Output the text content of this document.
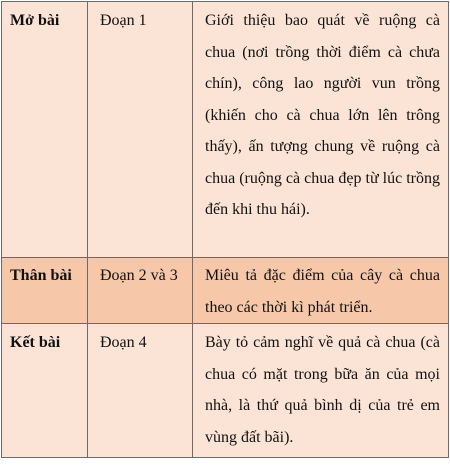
Mở bài	Đoạn 1	Giới thiệu bao quát về ruộng cà chua (nơi trồng thời điểm cà chưa chín), công lao người vun trồng (khiến cho cà chua lớn lên trông thấy), ấn tượng chung về ruộng cà chua (ruộng cà chua đẹp từ lúc trồng đến khi thu hái).
Thân bài	Đoạn 2 và 3	Miêu tả đặc điểm của cây cà chua theo các thời kì phát triển.
Kết bài	Đoạn 4	Bày tỏ cảm nghĩ về quả cà chua (cà chua có mặt trong bữa ăn của mọi nhà, là thứ quả bình dị của trẻ em vùng đất bãi).
